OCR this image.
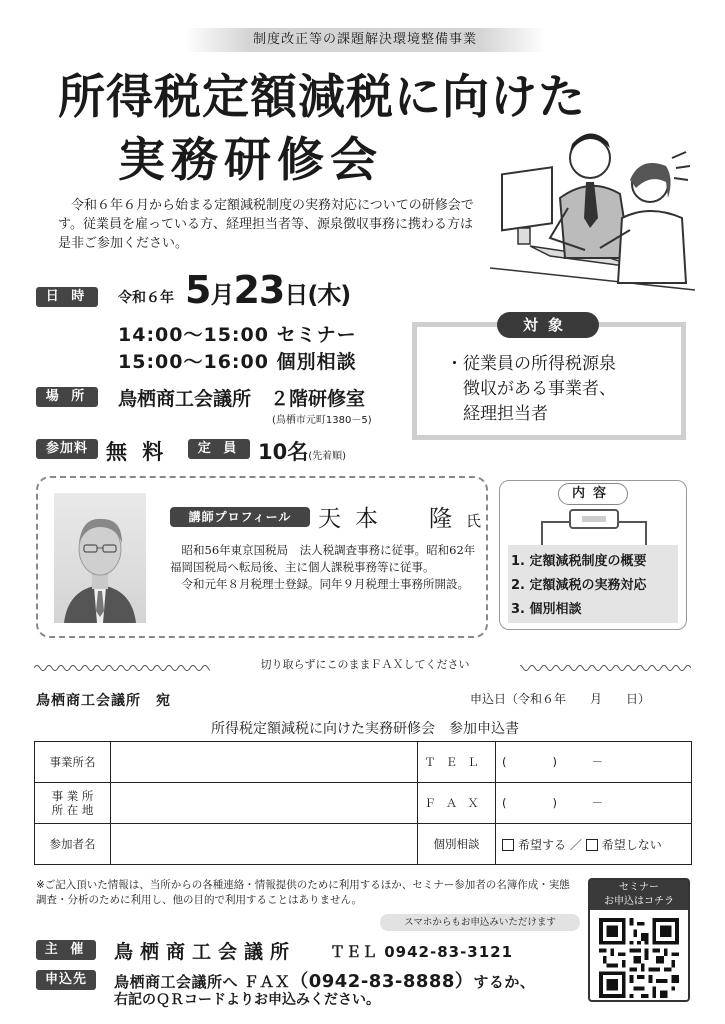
制度改正等の課題解決環境整備事業
所得税定額減税に向けた
実務研修会
令和６年６月から始まる定額減税制度の実務対応についての研修会です。従業員を雇っている方、経理担当者等、源泉徴収事務に携わる方は是非ご参加ください。
日 時	令和６年 5月23日(木)
14:00～15:00 セミナー
15:00～16:00 個別相談
場 所	鳥栖商工会議所　２階研修室
(鳥栖市元町1380－5)
参加料 無 料	定 員 10名(先着順)
対象
・従業員の所得税源泉
　徴収がある事業者、
　経理担当者
講師プロフィール	天本　隆氏
　昭和56年東京国税局　法人税調査事務に従事。昭和62年福岡国税局へ転局後、主に個人課税事務等に従事。
　令和元年８月税理士登録。同年９月税理士事務所開設。
内容
1. 定額減税制度の概要
2. 定額減税の実務対応
3. 個別相談
切り取らずにこのままＦＡＸしてください
鳥栖商工会議所　宛	申込日（令和６年　　月　　日）
所得税定額減税に向けた実務研修会　参加申込書
事業所名		ＴＥＬ	(　　　　)　　　－
事 業 所
所 在 地		ＦＡＸ	(　　　　)　　　－
参加者名		個別相談	希望する ／ 希望しない
※ご記入頂いた情報は、当所からの各種連絡・情報提供のために利用するほか、セミナー参加者の名簿作成・実態調査・分析のために利用し、他の目的で利用することはありません。
スマホからもお申込みいただけます
セミナー
お申込はコチラ
主 催	鳥栖商工会議所 ＴＥＬ 0942-83-3121
申込先	鳥栖商工会議所へ ＦＡＸ（0942-83-8888）するか、
右記のＱＲコードよりお申込みください。
